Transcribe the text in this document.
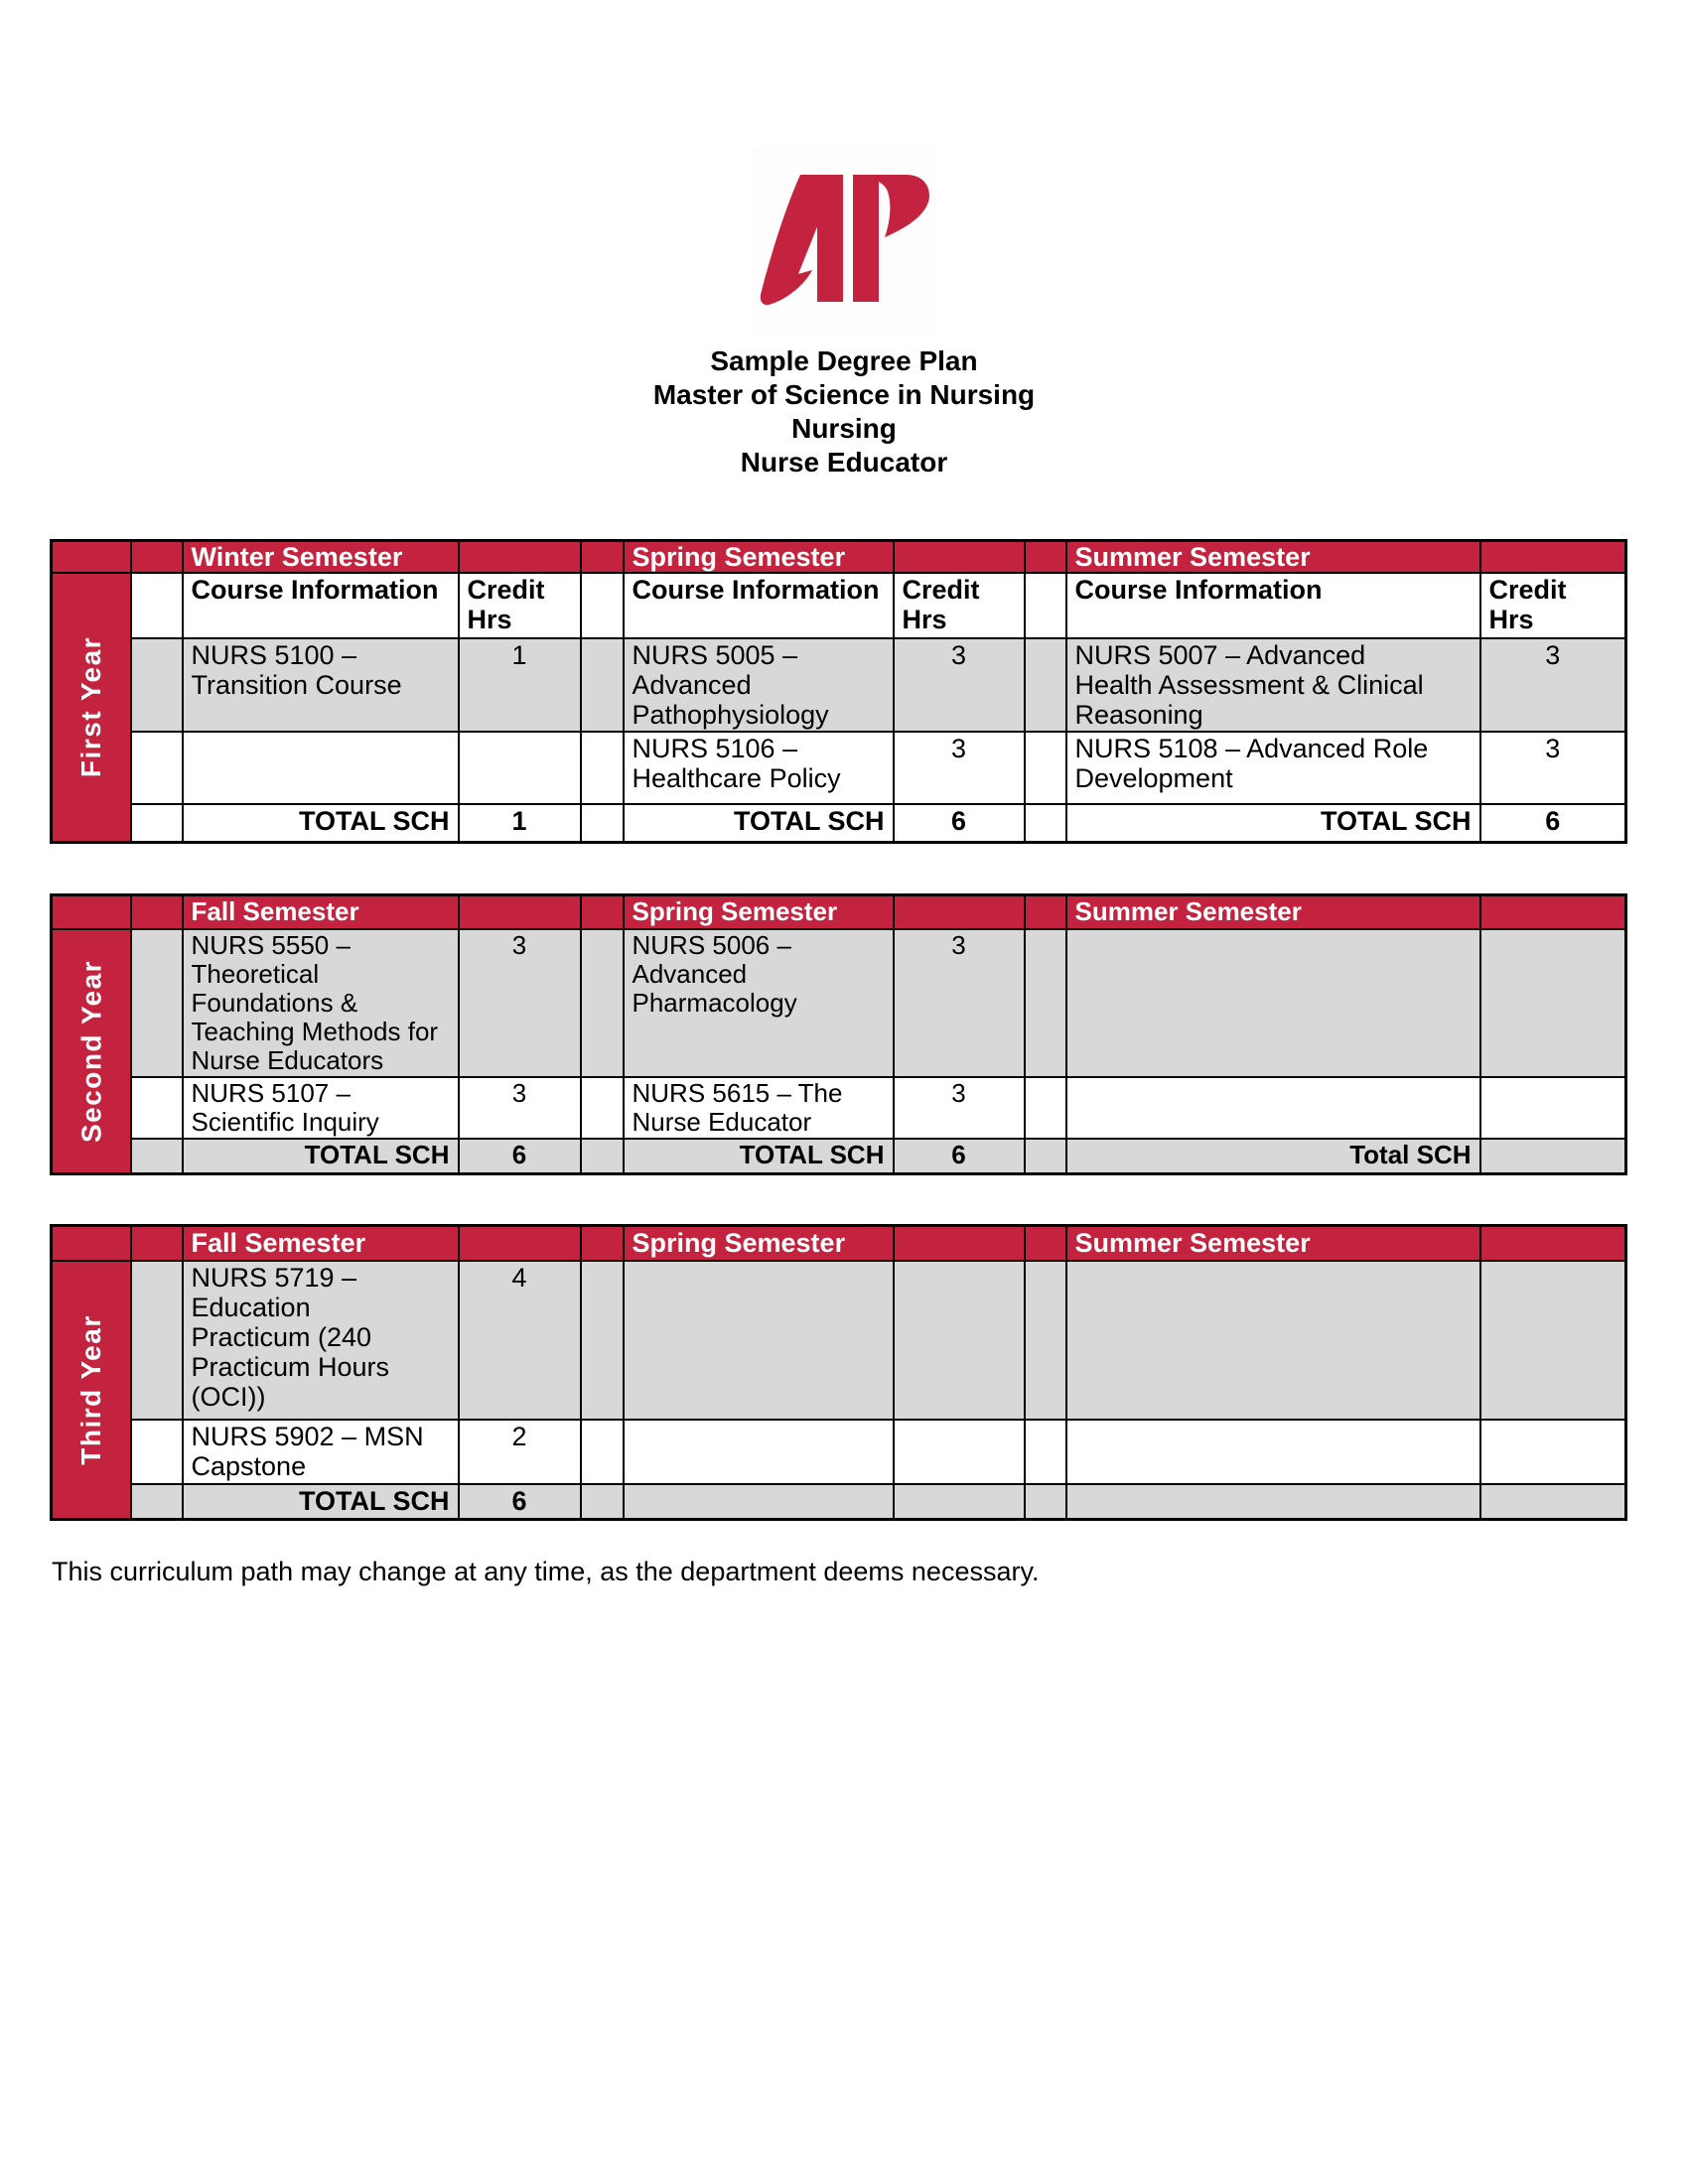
Sample Degree Plan
Master of Science in Nursing
Nursing
Nurse Educator
		Winter Semester			Spring Semester			Summer Semester	

First Year		Course Information	Credit Hrs		Course Information	Credit Hrs		Course Information	Credit Hrs
		NURS 5100 – Transition Course	1		NURS 5005 – Advanced Pathophysiology	3		NURS 5007 – Advanced Health Assessment & Clinical Reasoning	3
					NURS 5106 – Healthcare Policy	3		NURS 5108 – Advanced Role Development	3
		TOTAL SCH	1		TOTAL SCH	6		TOTAL SCH	6
		Fall Semester			Spring Semester			Summer Semester	

Second Year		NURS 5550 – Theoretical Foundations & Teaching Methods for Nurse Educators	3		NURS 5006 – Advanced Pharmacology	3			
		NURS 5107 – Scientific Inquiry	3		NURS 5615 – The Nurse Educator	3			
		TOTAL SCH	6		TOTAL SCH	6		Total SCH	
		Fall Semester			Spring Semester			Summer Semester	

Third Year		NURS 5719 – Education Practicum (240 Practicum Hours (OCI))	4						
		NURS 5902 – MSN Capstone	2						
		TOTAL SCH	6						
This curriculum path may change at any time, as the department deems necessary.
